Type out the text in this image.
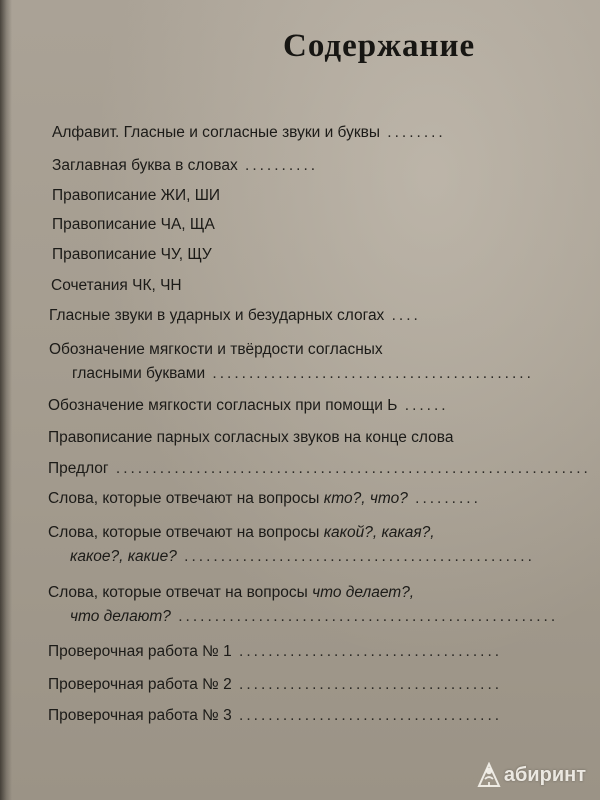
Содержание
Алфавит. Гласные и согласные звуки и буквы ........
Заглавная буква в словах ..........
Правописание ЖИ, ШИ
Правописание ЧА, ЩА
Правописание ЧУ, ЩУ
Сочетания ЧК, ЧН
Гласные звуки в ударных и безударных слогах ....
Обозначение мягкости и твёрдости согласных
гласными буквами ............................................
Обозначение мягкости согласных при помощи Ь ......
Правописание парных согласных звуков на конце слова
Предлог .................................................................
Слова, которые отвечают на вопросы кто?, что? .........
Слова, которые отвечают на вопросы какой?, какая?,
какое?, какие? ................................................
Слова, которые отвечат на вопросы что делает?,
что делают? ....................................................
Проверочная работа № 1 ....................................
Проверочная работа № 2 ....................................
Проверочная работа № 3 ....................................
абиринт
